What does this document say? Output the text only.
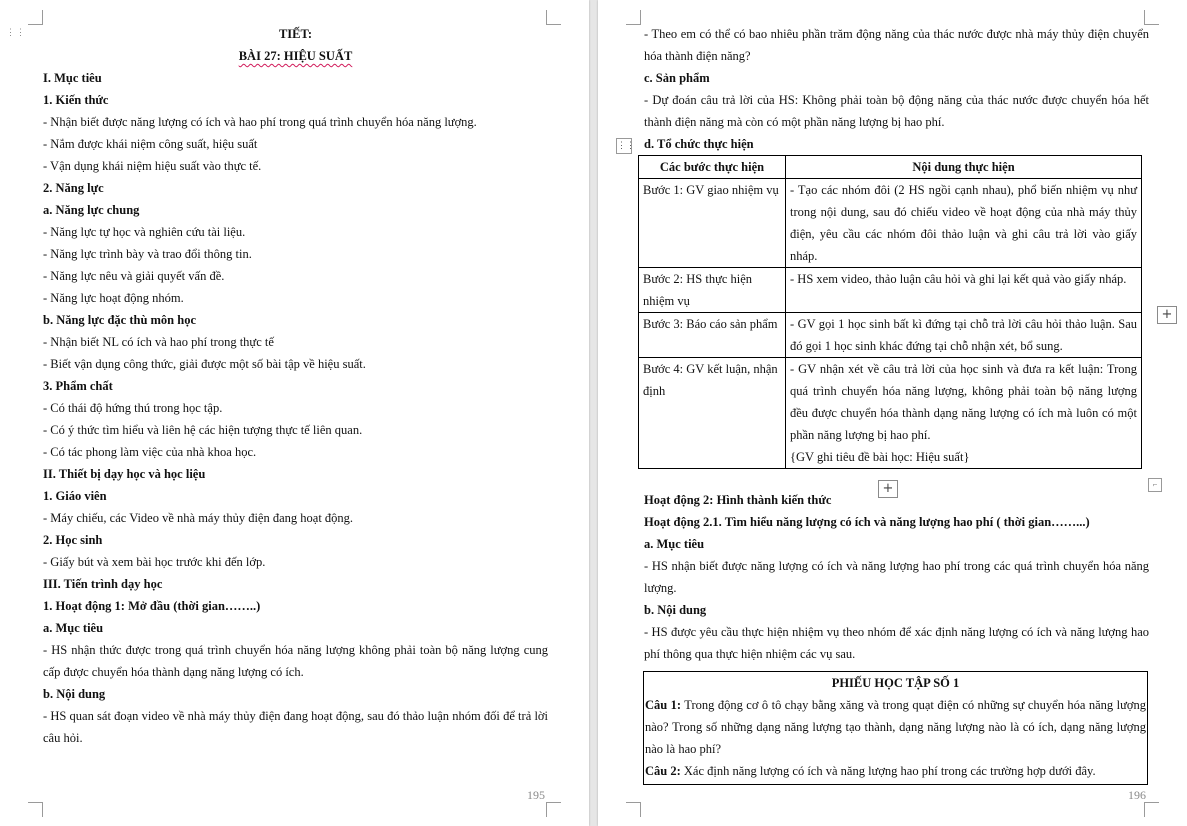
⋮⋮	TIẾT:
BÀI 27: HIỆU SUẤT
I. Mục tiêu
1. Kiến thức
- Nhận biết được năng lượng có ích và hao phí trong quá trình chuyển hóa năng lượng.
- Nắm được khái niệm công suất, hiệu suất
- Vận dụng khái niệm hiệu suất vào thực tế.
2. Năng lực
a. Năng lực chung
- Năng lực tự học và nghiên cứu tài liệu.
- Năng lực trình bày và trao đổi thông tin.
- Năng lực nêu và giải quyết vấn đề.
- Năng lực hoạt động nhóm.
b. Năng lực đặc thù môn học
- Nhận biết NL có ích và hao phí trong thực tế
- Biết vận dụng công thức, giải được một số bài tập về hiệu suất.
3. Phẩm chất
- Có thái độ hứng thú trong học tập.
- Có ý thức tìm hiểu và liên hệ các hiện tượng thực tế liên quan.
- Có tác phong làm việc của nhà khoa học.
II. Thiết bị dạy học và học liệu
1. Giáo viên
- Máy chiếu, các Video về nhà máy thủy điện đang hoạt động.
2. Học sinh
- Giấy bút và xem bài học trước khi đến lớp.
III. Tiến trình dạy học
1. Hoạt động 1: Mở đầu (thời gian……..)
a. Mục tiêu
- HS nhận thức được trong quá trình chuyển hóa năng lượng không phải toàn bộ năng lượng cung cấp được chuyển hóa thành dạng năng lượng có ích.
b. Nội dung
- HS quan sát đoạn video về nhà máy thủy điện đang hoạt động, sau đó thảo luận nhóm đối để trả lời câu hỏi.
195
- Theo em có thể có bao nhiêu phần trăm động năng của thác nước được nhà máy thủy điện chuyển hóa thành điện năng?
c. Sản phẩm
- Dự đoán câu trả lời của HS: Không phải toàn bộ động năng của thác nước được chuyển hóa hết thành điện năng mà còn có một phần năng lượng bị hao phí.
d. Tổ chức thực hiện
Các bước thực hiện	Nội dung thực hiện
Bước 1: GV giao nhiệm vụ	- Tạo các nhóm đôi (2 HS ngồi cạnh nhau), phổ biến nhiệm vụ như trong nội dung, sau đó chiếu video về hoạt động của nhà máy thủy điện, yêu cầu các nhóm đôi thảo luận và ghi câu trả lời vào giấy nháp.

Bước 2: HS thực hiện nhiệm vụ	- HS xem video, thảo luận câu hỏi và ghi lại kết quả vào giấy nháp.

Bước 3: Báo cáo sản phẩm	- GV gọi 1 học sinh bất kì đứng tại chỗ trả lời câu hỏi thảo luận. Sau đó gọi 1 học sinh khác đứng tại chỗ nhận xét, bổ sung.

Bước 4: GV kết luận, nhận định	- GV nhận xét về câu trả lời của học sinh và đưa ra kết luận: Trong quá trình chuyển hóa năng lượng, không phải toàn bộ năng lượng đều được chuyển hóa thành dạng năng lượng có ích mà luôn có một phần năng lượng bị hao phí.
{GV ghi tiêu đề bài học: Hiệu suất}
Hoạt động 2: Hình thành kiến thức
Hoạt động 2.1. Tìm hiểu năng lượng có ích và năng lượng hao phí ( thời gian……...)
a. Mục tiêu
- HS nhận biết được năng lượng có ích và năng lượng hao phí trong các quá trình chuyển hóa năng lượng.
b. Nội dung
- HS được yêu cầu thực hiện nhiệm vụ theo nhóm để xác định năng lượng có ích và năng lượng hao phí thông qua thực hiện nhiệm các vụ sau.
PHIẾU HỌC TẬP SỐ 1
Câu 1: Trong động cơ ô tô chạy bằng xăng và trong quạt điện có những sự chuyển hóa năng lượng nào? Trong số những dạng năng lượng tạo thành, dạng năng lượng nào là có ích, dạng năng lượng nào là hao phí?
Câu 2: Xác định năng lượng có ích và năng lượng hao phí trong các trường hợp dưới đây.
⋮⋮
+
+	⌐
196
